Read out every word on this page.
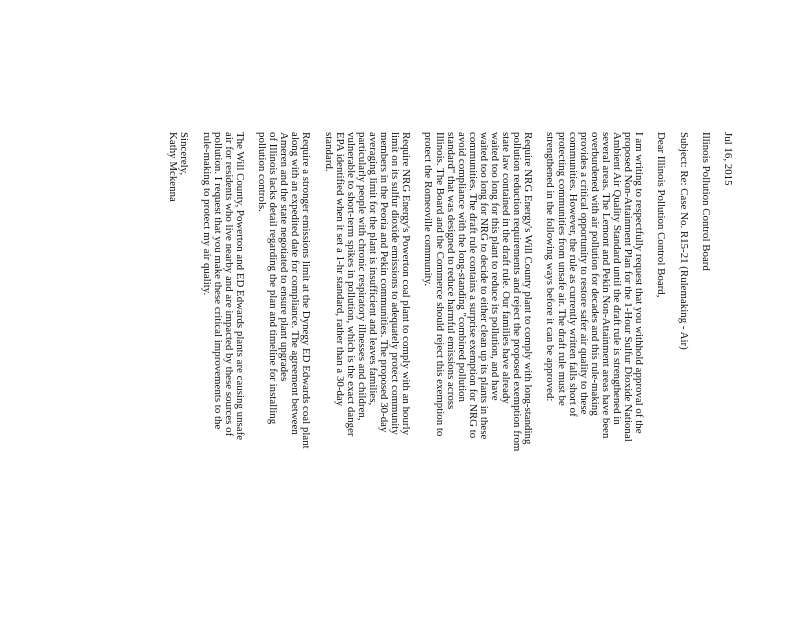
Jul 16, 2015
Illinois Pollution Control Board
Subject: Re: Case No. R15-21 (Rulemaking - Air)
Dear Illinois Pollution Control Board,
I am writing to respectfully request that you withhold approval of the
proposed Non-Attainment Plan for the 1-Hour Sulfur Dioxide National
Ambient Air Quality Standard until the draft rule is strengthened in
several areas. The Lemont and Pekin Non-Attainment areas have been
overburdened with air pollution for decades and this rule-making
provides a critical opportunity to restore safer air quality to these
communities. However, the rule as currently written falls short of
protecting communities from unsafe air. The draft rule must be
strengthened in the following ways before it can be approved:
Require NRG Energy's Will County plant to comply with long-standing
pollution reduction requirements and reject the proposed exemption from
state law contained in the draft rule. Our families have already
waited too long for this plant to reduce its pollution, and have
waited too long for NRG to decide to either clean up its plants in these
communities. The draft rule contains a surprise exemption for NRG to
avoid compliance with the long-standing "combined pollution
standard" that was designed to reduce harmful emissions across
Illinois. The Board and the Commerce should reject this exemption to
protect the Romeoville community.
Require NRG Energy's Powerton coal plant to comply with an hourly
limit on its sulfur dioxide emissions to adequately protect community
members in the Peoria and Pekin communities. The proposed 30-day
averaging limit for the plant is insufficient and leaves families,
particularly people with chronic respiratory illnesses and children,
vulnerable to short-term spikes in pollution, which is the exact danger
EPA identified when it set a 1-hr standard, rather than a 30-day
standard.
Require a stronger emissions limit at the Dynegy ED Edwards coal plant
along with an expedited date for compliance. The agreement between
Ameren and the state negotiated to ensure plant upgrades
of Illinois lacks detail regarding the plan and timeline for installing
pollution controls.
The Will County, Powerton and ED Edwards plants are causing unsafe
air for residents who live nearby and are impacted by these sources of
pollution. I request that you make these critical improvements to the
rule-making to protect my air quality.
Sincerely,
Kathy Mckenna
